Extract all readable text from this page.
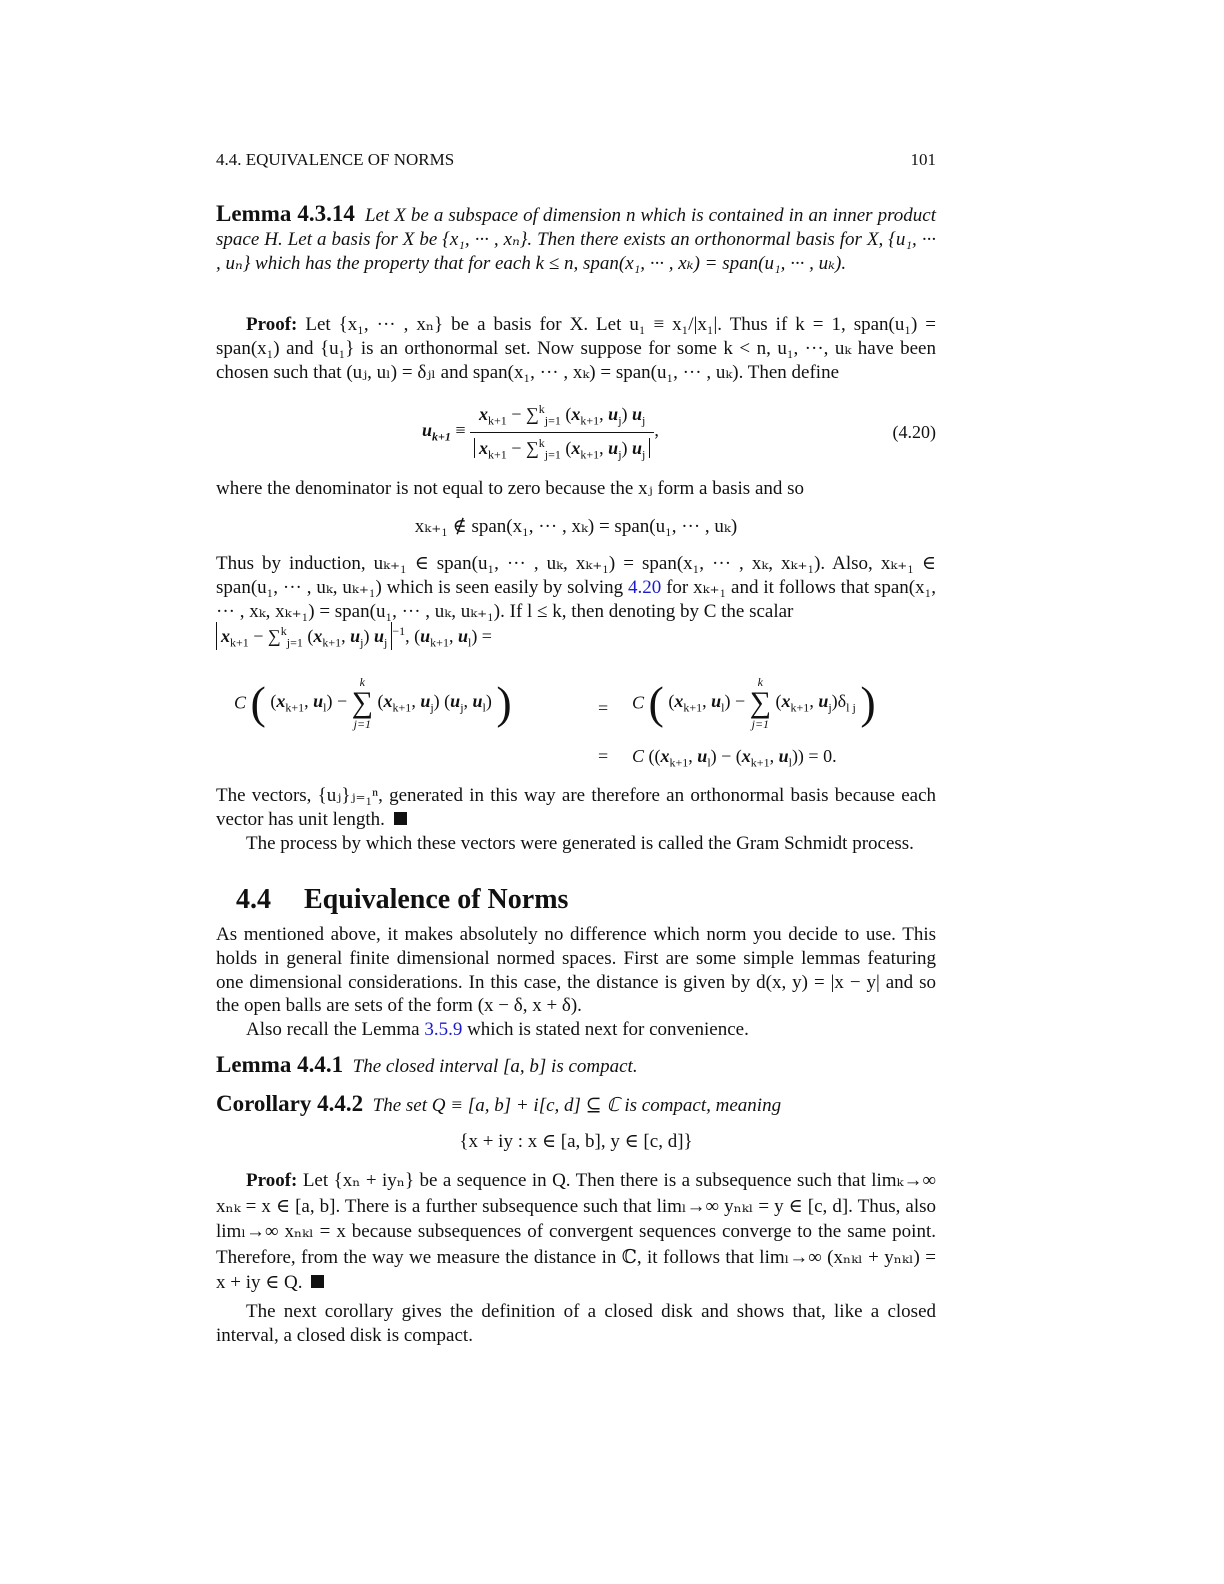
4.4. EQUIVALENCE OF NORMS	101
Lemma 4.3.14 Let X be a subspace of dimension n which is contained in an inner product space H. Let a basis for X be {x₁, ··· , xₙ}. Then there exists an orthonormal basis for X, {u₁, ··· , uₙ} which has the property that for each k ≤ n, span(x₁, ··· , xₖ) = span(u₁, ··· , uₖ).
Proof: Let {x₁, ··· , xₙ} be a basis for X. Let u₁ ≡ x₁/|x₁|. Thus if k = 1, span(u₁) = span(x₁) and {u₁} is an orthonormal set. Now suppose for some k < n, u₁, ···, uₖ have been chosen such that (uⱼ, uₗ) = δⱼₗ and span(x₁, ··· , xₖ) = span(u₁, ··· , uₖ). Then define
$u_{k+1} \equiv \frac{x_{k+1} - \sum^k_{j=1} (x_{k+1}, u_j) u_j}{x_{k+1} - \sum^k_{j=1} (x_{k+1}, u_j) u_j}$ ,	(4.20)
where the denominator is not equal to zero because the xⱼ form a basis and so
xₖ₊₁ ∉ span(x₁, ··· , xₖ) = span(u₁, ··· , uₖ)
Thus by induction, uₖ₊₁ ∈ span(u₁, ··· , uₖ, xₖ₊₁) = span(x₁, ··· , xₖ, xₖ₊₁). Also, xₖ₊₁ ∈ span(u₁, ··· , uₖ, uₖ₊₁) which is seen easily by solving 4.20 for xₖ₊₁ and it follows that span(x₁, ··· , xₖ, xₖ₊₁) = span(u₁, ··· , uₖ, uₖ₊₁). If l ≤ k, then denoting by C the scalar
$x_{k+1} - \sum^k_{j=1}$ ($x_{k+1}$, $u_j$) $u_j^{-1}$, ($u_{k+1}$, $u_l$) =
C ( ($x_{k+1}$, $u_l$) −
k
∑
j=1
($x_{k+1}$, $u_j$) ($u_j$, $u_l$) )	= C ( ($x_{k+1}$, $u_l$) −
k
∑
j=1
($x_{k+1}$, $u_j)\delta_{l j}$ )
= C (($x_{k+1}$, $u_l) - (x_{k+1}$, $u_l)) = 0$.
The vectors, {uⱼ}ⱼ₌₁ⁿ, generated in this way are therefore an orthonormal basis because each vector has unit length.
The process by which these vectors were generated is called the Gram Schmidt process.
4.4 Equivalence of Norms
As mentioned above, it makes absolutely no difference which norm you decide to use. This holds in general finite dimensional normed spaces. First are some simple lemmas featuring one dimensional considerations. In this case, the distance is given by d(x, y) = |x − y| and so the open balls are sets of the form (x − δ, x + δ).
Also recall the Lemma 3.5.9 which is stated next for convenience.
Lemma 4.4.1 The closed interval [a, b] is compact.
Corollary 4.4.2 The set Q ≡ [a, b] + i[c, d] ⊆ ℂ is compact, meaning
{x + iy : x ∈ [a, b], y ∈ [c, d]}
Proof: Let {xₙ + iyₙ} be a sequence in Q. Then there is a subsequence such that limₖ→∞ xₙₖ = x ∈ [a, b]. There is a further subsequence such that limₗ→∞ yₙₖₗ = y ∈ [c, d]. Thus, also limₗ→∞ xₙₖₗ = x because subsequences of convergent sequences converge to the same point. Therefore, from the way we measure the distance in ℂ, it follows that limₗ→∞ (xₙₖₗ + yₙₖₗ) = x + iy ∈ Q.
The next corollary gives the definition of a closed disk and shows that, like a closed interval, a closed disk is compact.
